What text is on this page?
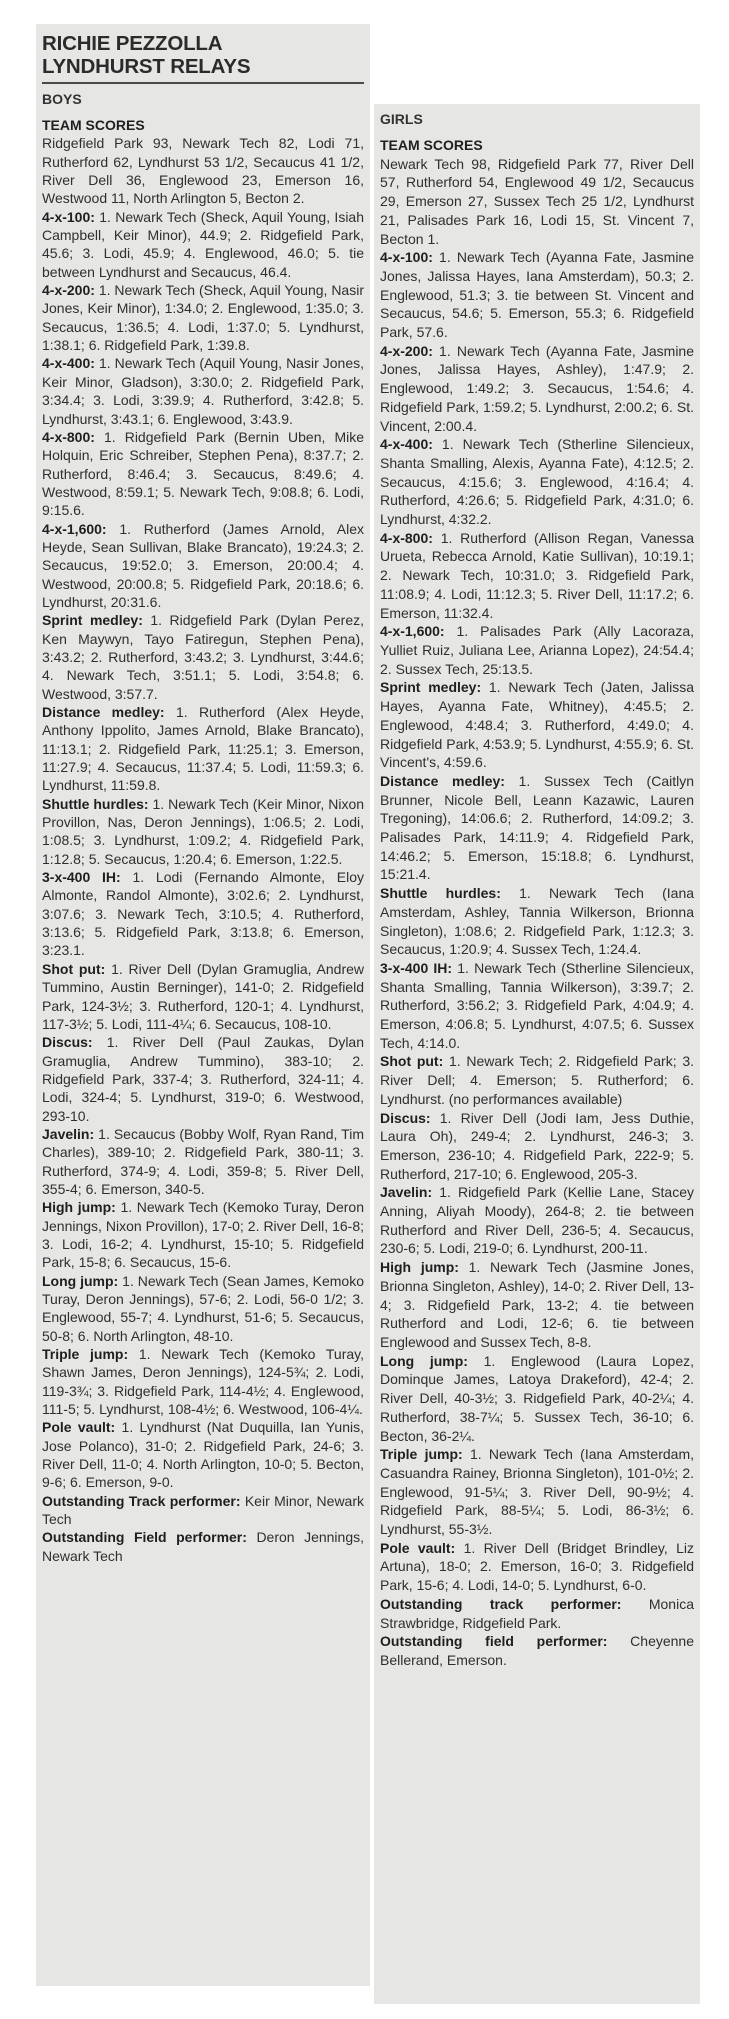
RICHIE PEZZOLLA
LYNDHURST RELAYS
BOYS

TEAM SCORES
Ridgefield Park 93, Newark Tech 82, Lodi 71, Rutherford 62, Lyndhurst 53 1/2, Secaucus 41 1/2, River Dell 36, Englewood 23, Emerson 16, Westwood 11, North Arlington 5, Becton 2.

4-x-100: 1. Newark Tech (Sheck, Aquil Young, Isiah Campbell, Keir Minor), 44.9; 2. Ridgefield Park, 45.6; 3. Lodi, 45.9; 4. Englewood, 46.0; 5. tie between Lyndhurst and Secaucus, 46.4.

4-x-200: 1. Newark Tech (Sheck, Aquil Young, Nasir Jones, Keir Minor), 1:34.0; 2. Englewood, 1:35.0; 3. Secaucus, 1:36.5; 4. Lodi, 1:37.0; 5. Lyndhurst, 1:38.1; 6. Ridgefield Park, 1:39.8.

4-x-400: 1. Newark Tech (Aquil Young, Nasir Jones, Keir Minor, Gladson), 3:30.0; 2. Ridgefield Park, 3:34.4; 3. Lodi, 3:39.9; 4. Rutherford, 3:42.8; 5. Lyndhurst, 3:43.1; 6. Englewood, 3:43.9.

4-x-800: 1. Ridgefield Park (Bernin Uben, Mike Holquin, Eric Schreiber, Stephen Pena), 8:37.7; 2. Rutherford, 8:46.4; 3. Secaucus, 8:49.6; 4. Westwood, 8:59.1; 5. Newark Tech, 9:08.8; 6. Lodi, 9:15.6.

4-x-1,600: 1. Rutherford (James Arnold, Alex Heyde, Sean Sullivan, Blake Brancato), 19:24.3; 2. Secaucus, 19:52.0; 3. Emerson, 20:00.4; 4. Westwood, 20:00.8; 5. Ridgefield Park, 20:18.6; 6. Lyndhurst, 20:31.6.

Sprint medley: 1. Ridgefield Park (Dylan Perez, Ken Maywyn, Tayo Fatiregun, Stephen Pena), 3:43.2; 2. Rutherford, 3:43.2; 3. Lyndhurst, 3:44.6; 4. Newark Tech, 3:51.1; 5. Lodi, 3:54.8; 6. Westwood, 3:57.7.

Distance medley: 1. Rutherford (Alex Heyde, Anthony Ippolito, James Arnold, Blake Brancato), 11:13.1; 2. Ridgefield Park, 11:25.1; 3. Emerson, 11:27.9; 4. Secaucus, 11:37.4; 5. Lodi, 11:59.3; 6. Lyndhurst, 11:59.8.

Shuttle hurdles: 1. Newark Tech (Keir Minor, Nixon Provillon, Nas, Deron Jennings), 1:06.5; 2. Lodi, 1:08.5; 3. Lyndhurst, 1:09.2; 4. Ridgefield Park, 1:12.8; 5. Secaucus, 1:20.4; 6. Emerson, 1:22.5.

3-x-400 IH: 1. Lodi (Fernando Almonte, Eloy Almonte, Randol Almonte), 3:02.6; 2. Lyndhurst, 3:07.6; 3. Newark Tech, 3:10.5; 4. Rutherford, 3:13.6; 5. Ridgefield Park, 3:13.8; 6. Emerson, 3:23.1.

Shot put: 1. River Dell (Dylan Gramuglia, Andrew Tummino, Austin Berninger), 141-0; 2. Ridgefield Park, 124-3½; 3. Rutherford, 120-1; 4. Lyndhurst, 117-3½; 5. Lodi, 111-4¼; 6. Secaucus, 108-10.

Discus: 1. River Dell (Paul Zaukas, Dylan Gramuglia, Andrew Tummino), 383-10; 2. Ridgefield Park, 337-4; 3. Rutherford, 324-11; 4. Lodi, 324-4; 5. Lyndhurst, 319-0; 6. Westwood, 293-10.

Javelin: 1. Secaucus (Bobby Wolf, Ryan Rand, Tim Charles), 389-10; 2. Ridgefield Park, 380-11; 3. Rutherford, 374-9; 4. Lodi, 359-8; 5. River Dell, 355-4; 6. Emerson, 340-5.

High jump: 1. Newark Tech (Kemoko Turay, Deron Jennings, Nixon Provillon), 17-0; 2. River Dell, 16-8; 3. Lodi, 16-2; 4. Lyndhurst, 15-10; 5. Ridgefield Park, 15-8; 6. Secaucus, 15-6.

Long jump: 1. Newark Tech (Sean James, Kemoko Turay, Deron Jennings), 57-6; 2. Lodi, 56-0 1/2; 3. Englewood, 55-7; 4. Lyndhurst, 51-6; 5. Secaucus, 50-8; 6. North Arlington, 48-10.

Triple jump: 1. Newark Tech (Kemoko Turay, Shawn James, Deron Jennings), 124-5¾; 2. Lodi, 119-3¾; 3. Ridgefield Park, 114-4½; 4. Englewood, 111-5; 5. Lyndhurst, 108-4½; 6. Westwood, 106-4¼.

Pole vault: 1. Lyndhurst (Nat Duquilla, Ian Yunis, Jose Polanco), 31-0; 2. Ridgefield Park, 24-6; 3. River Dell, 11-0; 4. North Arlington, 10-0; 5. Becton, 9-6; 6. Emerson, 9-0.

Outstanding Track performer: Keir Minor, Newark Tech

Outstanding Field performer: Deron Jennings, Newark Tech

GIRLS

TEAM SCORES
Newark Tech 98, Ridgefield Park 77, River Dell 57, Rutherford 54, Englewood 49 1/2, Secaucus 29, Emerson 27, Sussex Tech 25 1/2, Lyndhurst 21, Palisades Park 16, Lodi 15, St. Vincent 7, Becton 1.

4-x-100: 1. Newark Tech (Ayanna Fate, Jasmine Jones, Jalissa Hayes, Iana Amsterdam), 50.3; 2. Englewood, 51.3; 3. tie between St. Vincent and Secaucus, 54.6; 5. Emerson, 55.3; 6. Ridgefield Park, 57.6.

4-x-200: 1. Newark Tech (Ayanna Fate, Jasmine Jones, Jalissa Hayes, Ashley), 1:47.9; 2. Englewood, 1:49.2; 3. Secaucus, 1:54.6; 4. Ridgefield Park, 1:59.2; 5. Lyndhurst, 2:00.2; 6. St. Vincent, 2:00.4.

4-x-400: 1. Newark Tech (Stherline Silencieux, Shanta Smalling, Alexis, Ayanna Fate), 4:12.5; 2. Secaucus, 4:15.6; 3. Englewood, 4:16.4; 4. Rutherford, 4:26.6; 5. Ridgefield Park, 4:31.0; 6. Lyndhurst, 4:32.2.

4-x-800: 1. Rutherford (Allison Regan, Vanessa Urueta, Rebecca Arnold, Katie Sullivan), 10:19.1; 2. Newark Tech, 10:31.0; 3. Ridgefield Park, 11:08.9; 4. Lodi, 11:12.3; 5. River Dell, 11:17.2; 6. Emerson, 11:32.4.

4-x-1,600: 1. Palisades Park (Ally Lacoraza, Yulliet Ruiz, Juliana Lee, Arianna Lopez), 24:54.4; 2. Sussex Tech, 25:13.5.

Sprint medley: 1. Newark Tech (Jaten, Jalissa Hayes, Ayanna Fate, Whitney), 4:45.5; 2. Englewood, 4:48.4; 3. Rutherford, 4:49.0; 4. Ridgefield Park, 4:53.9; 5. Lyndhurst, 4:55.9; 6. St. Vincent's, 4:59.6.

Distance medley: 1. Sussex Tech (Caitlyn Brunner, Nicole Bell, Leann Kazawic, Lauren Tregoning), 14:06.6; 2. Rutherford, 14:09.2; 3. Palisades Park, 14:11.9; 4. Ridgefield Park, 14:46.2; 5. Emerson, 15:18.8; 6. Lyndhurst, 15:21.4.

Shuttle hurdles: 1. Newark Tech (Iana Amsterdam, Ashley, Tannia Wilkerson, Brionna Singleton), 1:08.6; 2. Ridgefield Park, 1:12.3; 3. Secaucus, 1:20.9; 4. Sussex Tech, 1:24.4.

3-x-400 IH: 1. Newark Tech (Stherline Silencieux, Shanta Smalling, Tannia Wilkerson), 3:39.7; 2. Rutherford, 3:56.2; 3. Ridgefield Park, 4:04.9; 4. Emerson, 4:06.8; 5. Lyndhurst, 4:07.5; 6. Sussex Tech, 4:14.0.

Shot put: 1. Newark Tech; 2. Ridgefield Park; 3. River Dell; 4. Emerson; 5. Rutherford; 6. Lyndhurst. (no performances available)

Discus: 1. River Dell (Jodi Iam, Jess Duthie, Laura Oh), 249-4; 2. Lyndhurst, 246-3; 3. Emerson, 236-10; 4. Ridgefield Park, 222-9; 5. Rutherford, 217-10; 6. Englewood, 205-3.

Javelin: 1. Ridgefield Park (Kellie Lane, Stacey Anning, Aliyah Moody), 264-8; 2. tie between Rutherford and River Dell, 236-5; 4. Secaucus, 230-6; 5. Lodi, 219-0; 6. Lyndhurst, 200-11.

High jump: 1. Newark Tech (Jasmine Jones, Brionna Singleton, Ashley), 14-0; 2. River Dell, 13-4; 3. Ridgefield Park, 13-2; 4. tie between Rutherford and Lodi, 12-6; 6. tie between Englewood and Sussex Tech, 8-8.

Long jump: 1. Englewood (Laura Lopez, Dominque James, Latoya Drakeford), 42-4; 2. River Dell, 40-3½; 3. Ridgefield Park, 40-2¼; 4. Rutherford, 38-7¼; 5. Sussex Tech, 36-10; 6. Becton, 36-2¼.

Triple jump: 1. Newark Tech (Iana Amsterdam, Casuandra Rainey, Brionna Singleton), 101-0½; 2. Englewood, 91-5¼; 3. River Dell, 90-9½; 4. Ridgefield Park, 88-5¼; 5. Lodi, 86-3½; 6. Lyndhurst, 55-3½.

Pole vault: 1. River Dell (Bridget Brindley, Liz Artuna), 18-0; 2. Emerson, 16-0; 3. Ridgefield Park, 15-6; 4. Lodi, 14-0; 5. Lyndhurst, 6-0.

Outstanding track performer: Monica Strawbridge, Ridgefield Park.

Outstanding field performer: Cheyenne Bellerand, Emerson.
